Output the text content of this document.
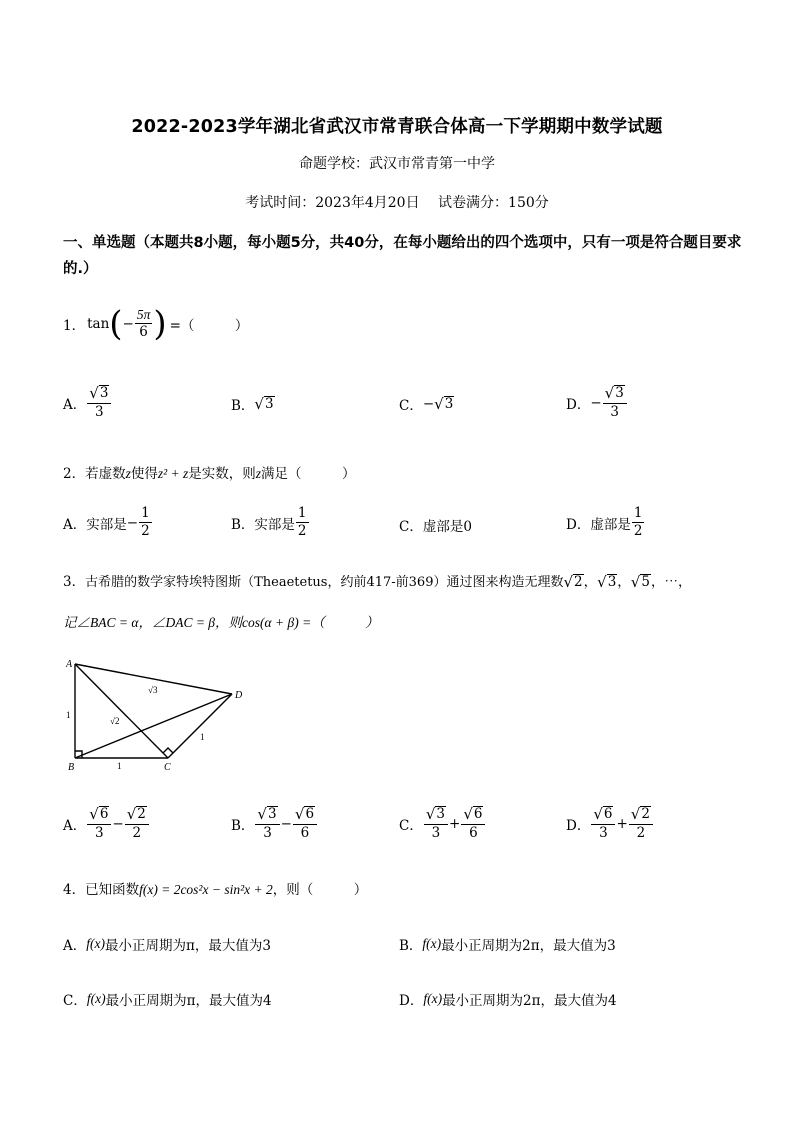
2022-2023学年湖北省武汉市常青联合体高一下学期期中数学试题
命题学校：武汉市常青第一中学
考试时间：2023年4月20日　 试卷满分：150分
一、单选题（本题共8小题，每小题5分，共40分，在每小题给出的四个选项中，只有一项是符合题目要求的.）
1． tan ( − $\frac{5\pi}{6}$ ) =（　　　）
A． $\frac{√ 3}{3}$	B． √ 3	C． − √ 3	D． − $\frac{√ 3}{3}$
2．若虚数z使得z² + z是实数，则z满足（　　　）
A． 实部是 − $\frac{1}{2}$	B． 实部是 $\frac{1}{2}$	C． 虚部是0	D． 虚部是 $\frac{1}{2}$
3． 古希腊的数学家特埃特图斯（Theaetetus，约前417-前369）通过图来构造无理数 √ 2 ， √ 3 ， √ 5 ，⋯，
记∠BAC = α，∠DAC = β，则cos(α + β) =（　　　）
A
B	C
D
1
1
1
√2
√3
A． $\frac{√ 6}{3} - \frac{√ 2}{2}$	B． $\frac{√ 3}{3} - \frac{√ 6}{6}$	C． $\frac{√ 3}{3} + \frac{√ 6}{6}$	D． $\frac{√ 6}{3} + \frac{√ 2}{2}$
4．已知函数f(x) = 2cos²x − sin²x + 2，则（　　　）
A． f(x) 最小正周期为π，最大值为3	B． f(x) 最小正周期为2π，最大值为3
C． f(x) 最小正周期为π，最大值为4	D． f(x) 最小正周期为2π，最大值为4
